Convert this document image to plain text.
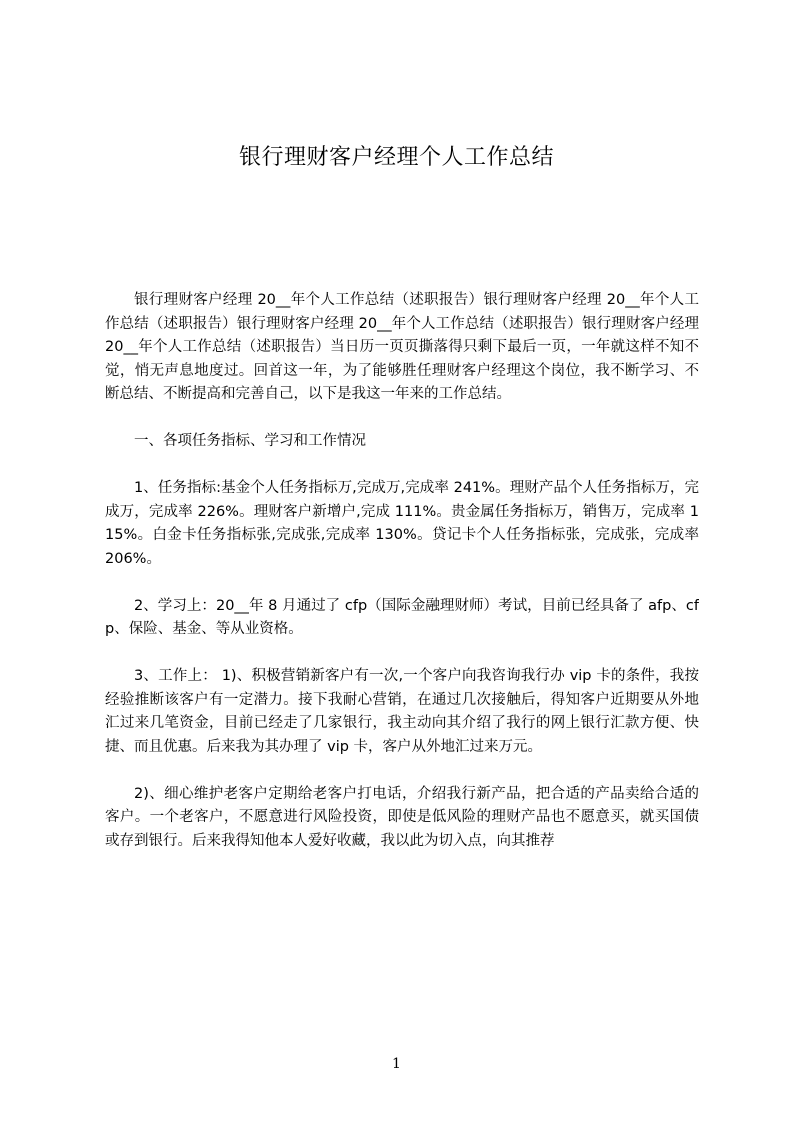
银行理财客户经理个人工作总结

银行理财客户经理 20__年个人工作总结（述职报告）银行理财客户经理 20__年个人工作总结（述职报告）银行理财客户经理 20__年个人工作总结（述职报告）银行理财客户经理 20__年个人工作总结（述职报告）当日历一页页撕落得只剩下最后一页，一年就这样不知不觉，悄无声息地度过。回首这一年，为了能够胜任理财客户经理这个岗位，我不断学习、不断总结、不断提高和完善自己，以下是我这一年来的工作总结。

一、各项任务指标、学习和工作情况

1、任务指标:基金个人任务指标万,完成万,完成率 241%。理财产品个人任务指标万，完成万，完成率 226%。理财客户新增户,完成 111%。贵金属任务指标万，销售万，完成率 115%。白金卡任务指标张,完成张,完成率 130%。贷记卡个人任务指标张，完成张，完成率 206%。

2、学习上：20__年 8 月通过了 cfp（国际金融理财师）考试，目前已经具备了 afp、cfp、保险、基金、等从业资格。

3、工作上： 1)、积极营销新客户有一次,一个客户向我咨询我行办 vip 卡的条件，我按经验推断该客户有一定潜力。接下我耐心营销，在通过几次接触后，得知客户近期要从外地汇过来几笔资金，目前已经走了几家银行，我主动向其介绍了我行的网上银行汇款方便、快捷、而且优惠。后来我为其办理了 vip 卡，客户从外地汇过来万元。

2)、细心维护老客户定期给老客户打电话，介绍我行新产品，把合适的产品卖给合适的客户。一个老客户，不愿意进行风险投资，即使是低风险的理财产品也不愿意买，就买国债或存到银行。后来我得知他本人爱好收藏，我以此为切入点，向其推荐

1
